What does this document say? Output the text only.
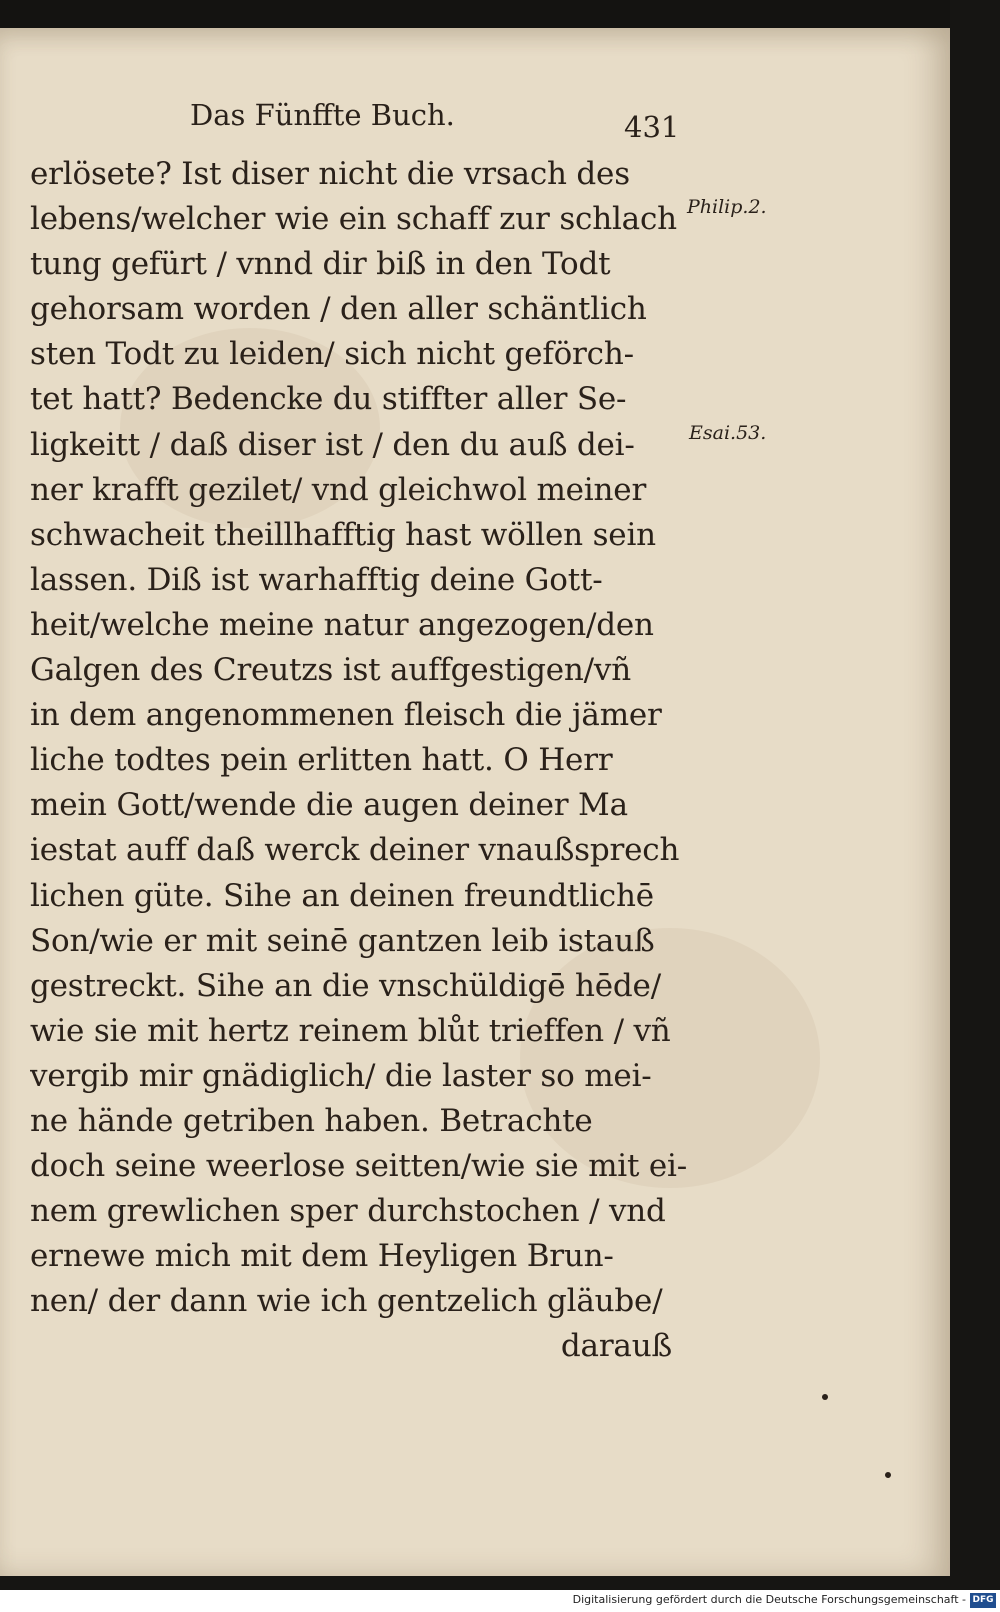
Das Fünffte Buch.	431
Philip.2.
Esai.53.
erlösete? Ist diser nicht die vrsach des
lebens/welcher wie ein schaff zur schlach
tung gefürt / vnnd dir biß in den Todt
gehorsam worden / den aller schäntlich
sten Todt zu leiden/ sich nicht geförch-
tet hatt? Bedencke du stiffter aller Se-
ligkeitt / daß diser ist / den du auß dei-
ner krafft gezilet/ vnd gleichwol meiner
schwacheit theillhafftig hast wöllen sein
lassen. Diß ist warhafftig deine Gott-
heit/welche meine natur angezogen/den
Galgen des Creutzs ist auffgestigen/vñ
in dem angenommenen fleisch die jämer
liche todtes pein erlitten hatt. O Herr
mein Gott/wende die augen deiner Ma
iestat auff daß werck deiner vnaußsprech
lichen güte. Sihe an deinen freundtlichē
Son/wie er mit seinē gantzen leib istauß
gestreckt. Sihe an die vnschüldigē hēde/
wie sie mit hertz reinem blůt trieffen / vñ
vergib mir gnädiglich/ die laster so mei-
ne hände getriben haben. Betrachte
doch seine weerlose seitten/wie sie mit ei-
nem grewlichen sper durchstochen / vnd
ernewe mich mit dem Heyligen Brun-
nen/ der dann wie ich gentzelich gläube/
darauß
Digitalisierung gefördert durch die Deutsche Forschungsgemeinschaft - DFG
